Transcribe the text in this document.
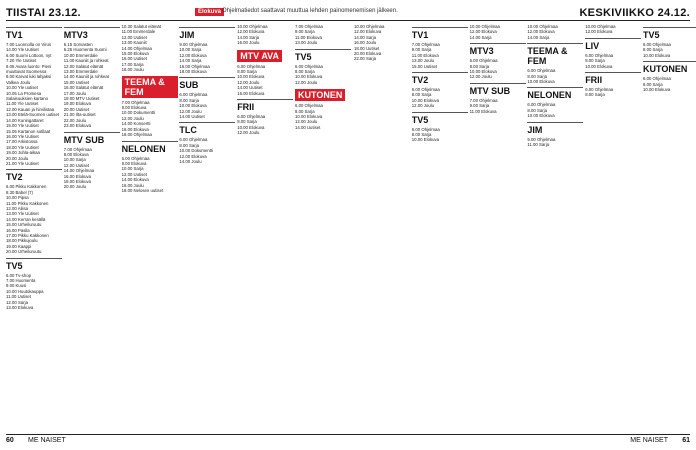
TIISTAI 23.12.	Elokuva Ohjelmatiedot saattavat muuttua lehden painomenemisen jälkeen.	KESKIVIIKKO 24.12.
TV1

7.00 Luonnolla on Virus

14.00 Yle Uutiset

6.00 Suomi Lottoon, nyt

7.20 Yle Uutiset

8.05 Avara luonto: Pieni

muuttuvat Suomessa

9.00 Karvat luki lahjaksi

Valkea Joulu

10.00 Yle uutiset

10.05 La Promesa

Salaisuuksien kartano

11.00 Yle Uutiset

12.00 Kauan ja hirvilistaa

13.00 Etelä-Suomen uutiset

14.00 Kuningattaret

15.00 Yle Uutiset

15.05 Kartanon sotilaat

16.00 Yle Uutiset

17.00 Arkistossa

18.00 Yle Uutiset

19.00 Juhla-aikaa

20.00 Joulu

21.00 Yle Uutiset

TV2

6.00 Pikku Kakkonen

8.30 Babel (7)

10.00 Pipsa

11.00 Pikku Kakkonen

12.00 Aliisa

13.00 Yle Uutiset

14.00 Kerran kesällä

15.00 Urheiluruutu

16.00 Pasila

17.00 Pikku Kakkonen

18.00 Pikkujoulu

19.00 Kaappi

20.00 Urheiluruutu

TV5

6.00 Tv-shop

7.00 Huomenta

9.00 Kuusi

10.00 Huutokauppa

11.00 Uutiset

12.00 Sarja

13.00 Elokuva

MTV3

6.15 Sorvasten

6.25 Huomenta Suomi

10.00 Emmerdale

11.00 Kauniit ja rohkeat

12.00 Salatut elämät

13.00 Emmerdale

14.00 Kauniit ja rohkeat

15.00 Uutiset

16.00 Salatut elämät

17.00 Joulu

18.00 MTV Uutiset

19.00 Elokuva

20.00 Uutiset

21.00 Ilta-uutiset

22.00 Joulu

23.00 Elokuva

MTV SUB

7.00 Ohjelmaa

8.00 Elokuva

10.00 Sarja

12.00 Uutiset

14.00 Ohjelmaa

16.00 Elokuva

18.00 Elokuva

20.00 Joulu

10.30 Salatut elämät

11.00 Emmerdale

12.00 Uutiset

13.00 Kauniit

14.00 Ohjelmaa

15.00 Elokuva

16.00 Uutiset

17.00 Sarja

18.00 Joulu

TEEMA & FEM

7.00 Ohjelmaa

8.00 Elokuva

10.00 Dokumentti

12.00 Joulu

14.00 Konsertti

16.00 Elokuva

18.00 Ohjelmaa

NELONEN

6.00 Ohjelmaa

8.00 Elokuva

10.00 Sarja

12.00 Uutiset

14.00 Elokuva

16.00 Joulu

18.00 Nelosen uutiset

JIM

9.00 Ohjelmaa

10.00 Sarja

12.00 Elokuva

14.00 Sarja

16.00 Ohjelmaa

18.00 Elokuva

SUB

6.00 Ohjelmaa

8.00 Sarja

10.00 Elokuva

12.00 Joulu

14.00 Uutiset

TLC

6.00 Ohjelmaa

8.00 Sarja

10.00 Dokumentti

12.00 Elokuva

14.00 Joulu

10.00 Ohjelmaa

12.00 Elokuva

14.00 Sarja

16.00 Joulu

MTV AVA

6.00 Ohjelmaa

8.00 Sarja

10.00 Elokuva

12.00 Joulu

14.00 Uutiset

16.00 Elokuva

FRII

6.00 Ohjelmaa

8.00 Sarja

10.00 Elokuva

12.00 Joulu

7.00 Ohjelmaa

9.00 Sarja

11.00 Elokuva

13.00 Joulu

TV5

6.00 Ohjelmaa

8.00 Sarja

10.00 Elokuva

12.00 Joulu

KUTONEN

6.00 Ohjelmaa

8.00 Sarja

10.00 Elokuva

12.00 Joulu

14.00 Uutiset

10.00 Ohjelmaa

12.00 Elokuva

14.00 Sarja

16.00 Joulu

18.00 Uutiset

20.00 Elokuva

22.00 Sarja

TV1

7.00 Ohjelmaa

9.00 Sarja

11.00 Elokuva

13.00 Joulu

15.00 Uutiset

TV2

6.00 Ohjelmaa

8.00 Sarja

10.00 Elokuva

12.00 Joulu

TV5

6.00 Ohjelmaa

8.00 Sarja

10.00 Elokuva

10.00 Ohjelmaa

12.00 Elokuva

14.00 Sarja

MTV3

6.00 Ohjelmaa

8.00 Sarja

10.00 Elokuva

12.00 Joulu

MTV SUB

7.00 Ohjelmaa

9.00 Sarja

11.00 Elokuva

10.00 Ohjelmaa

12.00 Elokuva

14.00 Sarja

TEEMA & FEM

6.00 Ohjelmaa

8.00 Sarja

10.00 Elokuva

NELONEN

6.00 Ohjelmaa

8.00 Sarja

10.00 Elokuva

JIM

9.00 Ohjelmaa

11.00 Sarja

10.00 Ohjelmaa

12.00 Elokuva

LIV

6.00 Ohjelmaa

8.00 Sarja

10.00 Elokuva

FRII

6.00 Ohjelmaa

8.00 Sarja

TV5

6.00 Ohjelmaa

8.00 Sarja

10.00 Elokuva

KUTONEN

6.00 Ohjelmaa

8.00 Sarja

10.00 Elokuva

60 ME NAISET	ME NAISET 61
